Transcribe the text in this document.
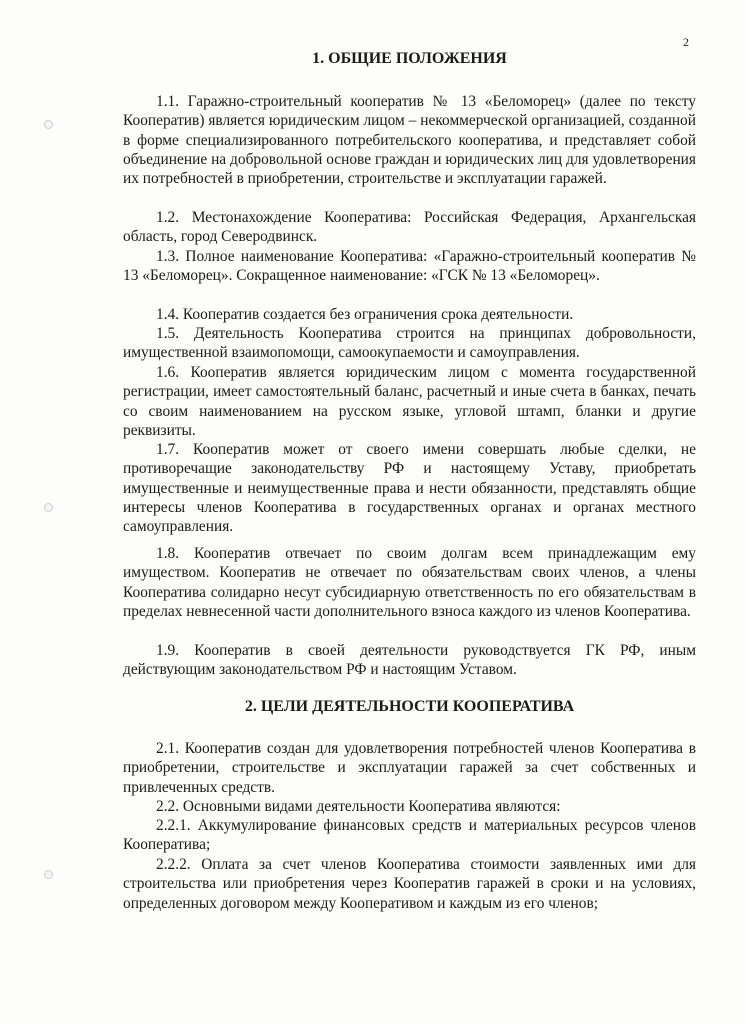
2
1. ОБЩИЕ ПОЛОЖЕНИЯ

1.1. Гаражно-строительный кооператив № 13 «Беломорец» (далее по тексту Кооператив) является юридическим лицом – некоммерческой организацией, созданной в форме специализированного потребительского кооператива, и представляет собой объединение на добровольной основе граждан и юридических лиц для удовлетворения их потребностей в приобретении, строительстве и эксплуатации гаражей.

1.2. Местонахождение Кооператива: Российская Федерация, Архангельская область, город Северодвинск.

1.3. Полное наименование Кооператива: «Гаражно-строительный кооператив № 13 «Беломорец». Сокращенное наименование: «ГСК № 13 «Беломорец».

1.4. Кооператив создается без ограничения срока деятельности.

1.5. Деятельность Кооператива строится на принципах добровольности, имущественной взаимопомощи, самоокупаемости и самоуправления.

1.6. Кооператив является юридическим лицом с момента государственной регистрации, имеет самостоятельный баланс, расчетный и иные счета в банках, печать со своим наименованием на русском языке, угловой штамп, бланки и другие реквизиты.

1.7. Кооператив может от своего имени совершать любые сделки, не противоречащие законодательству РФ и настоящему Уставу, приобретать имущественные и неимущественные права и нести обязанности, представлять общие интересы членов Кооператива в государственных органах и органах местного самоуправления.

1.8. Кооператив отвечает по своим долгам всем принадлежащим ему имуществом. Кооператив не отвечает по обязательствам своих членов, а члены Кооператива солидарно несут субсидиарную ответственность по его обязательствам в пределах невнесенной части дополнительного взноса каждого из членов Кооператива.

1.9. Кооператив в своей деятельности руководствуется ГК РФ, иным действующим законодательством РФ и настоящим Уставом.

2. ЦЕЛИ ДЕЯТЕЛЬНОСТИ КООПЕРАТИВА

2.1. Кооператив создан для удовлетворения потребностей членов Кооператива в приобретении, строительстве и эксплуатации гаражей за счет собственных и привлеченных средств.

2.2. Основными видами деятельности Кооператива являются:

2.2.1. Аккумулирование финансовых средств и материальных ресурсов членов Кооператива;

2.2.2. Оплата за счет членов Кооператива стоимости заявленных ими для строительства или приобретения через Кооператив гаражей в сроки и на условиях, определенных договором между Кооперативом и каждым из его членов;
